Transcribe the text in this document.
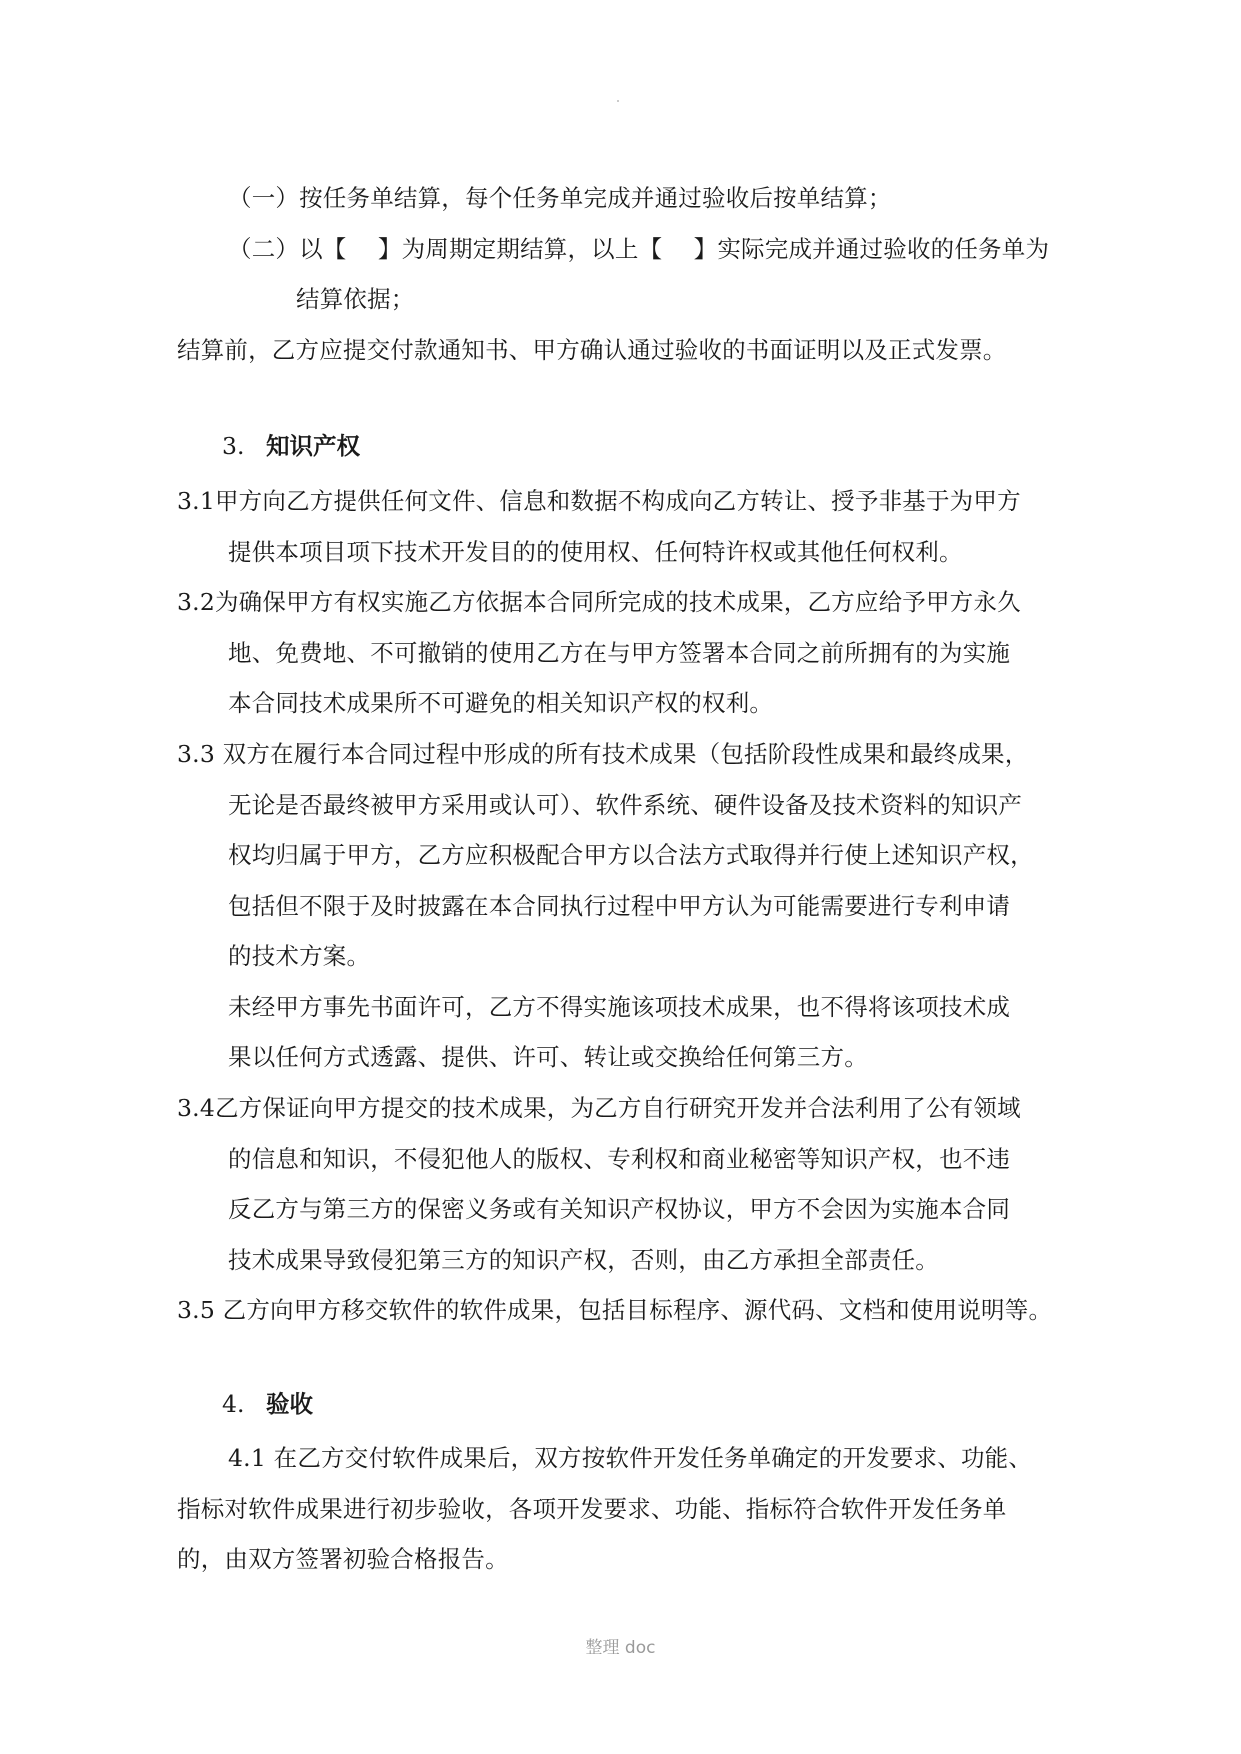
（一）按任务单结算，每个任务单完成并通过验收后按单结算；
（二）以【　 】为周期定期结算，以上【　 】实际完成并通过验收的任务单为
结算依据；
结算前，乙方应提交付款通知书、甲方确认通过验收的书面证明以及正式发票。
3. 知识产权
3.1甲方向乙方提供任何文件、信息和数据不构成向乙方转让、授予非基于为甲方
提供本项目项下技术开发目的的使用权、任何特许权或其他任何权利。
3.2为确保甲方有权实施乙方依据本合同所完成的技术成果，乙方应给予甲方永久
地、免费地、不可撤销的使用乙方在与甲方签署本合同之前所拥有的为实施
本合同技术成果所不可避免的相关知识产权的权利。
3.3 双方在履行本合同过程中形成的所有技术成果（包括阶段性成果和最终成果，
无论是否最终被甲方采用或认可）、软件系统、硬件设备及技术资料的知识产
权均归属于甲方，乙方应积极配合甲方以合法方式取得并行使上述知识产权，
包括但不限于及时披露在本合同执行过程中甲方认为可能需要进行专利申请
的技术方案。
未经甲方事先书面许可，乙方不得实施该项技术成果，也不得将该项技术成
果以任何方式透露、提供、许可、转让或交换给任何第三方。
3.4乙方保证向甲方提交的技术成果，为乙方自行研究开发并合法利用了公有领域
的信息和知识，不侵犯他人的版权、专利权和商业秘密等知识产权，也不违
反乙方与第三方的保密义务或有关知识产权协议，甲方不会因为实施本合同
技术成果导致侵犯第三方的知识产权，否则，由乙方承担全部责任。
3.5 乙方向甲方移交软件的软件成果，包括目标程序、源代码、文档和使用说明等。
4. 验收
4.1 在乙方交付软件成果后，双方按软件开发任务单确定的开发要求、功能、
指标对软件成果进行初步验收，各项开发要求、功能、指标符合软件开发任务单
的，由双方签署初验合格报告。
整理 doc
